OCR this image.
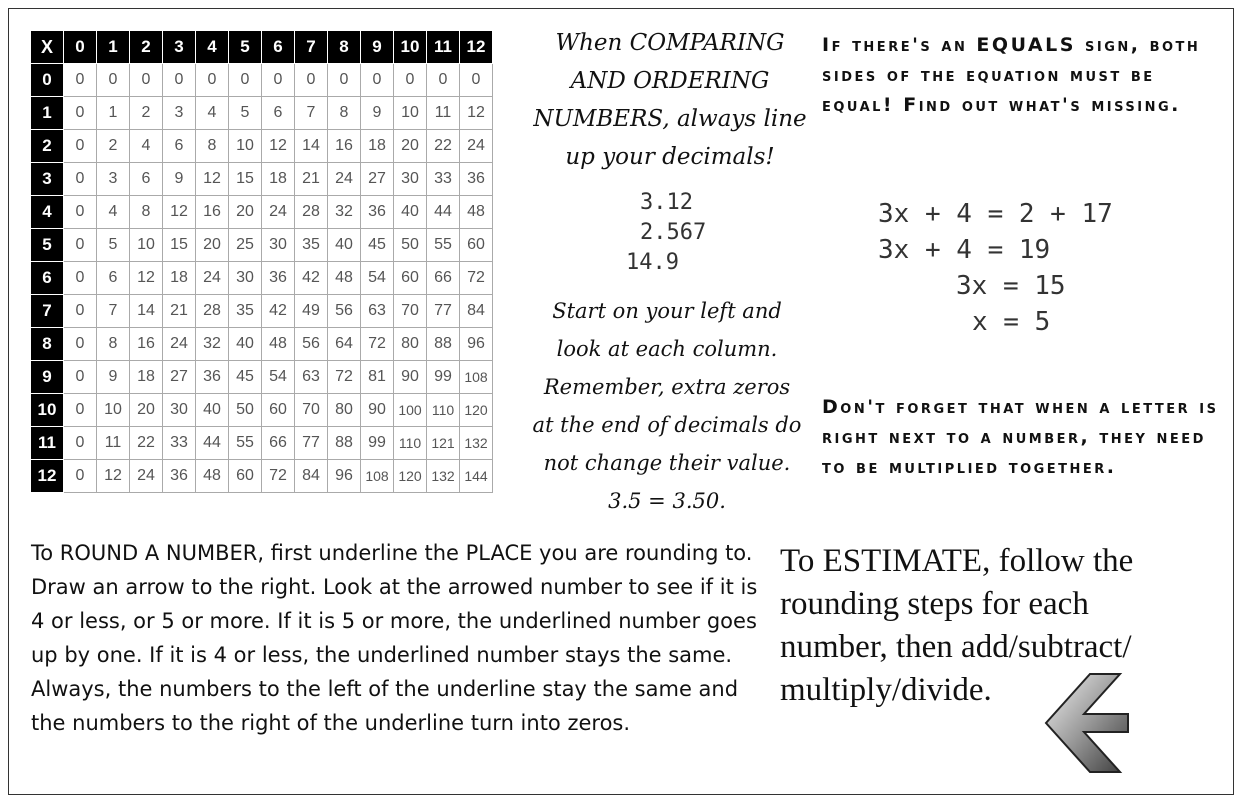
X	0	1	2	3	4	5	6	7	8	9	10	11	12
0	0	0	0	0	0	0	0	0	0	0	0	0	0
1	0	1	2	3	4	5	6	7	8	9	10	11	12
2	0	2	4	6	8	10	12	14	16	18	20	22	24
3	0	3	6	9	12	15	18	21	24	27	30	33	36
4	0	4	8	12	16	20	24	28	32	36	40	44	48
5	0	5	10	15	20	25	30	35	40	45	50	55	60
6	0	6	12	18	24	30	36	42	48	54	60	66	72
7	0	7	14	21	28	35	42	49	56	63	70	77	84
8	0	8	16	24	32	40	48	56	64	72	80	88	96
9	0	9	18	27	36	45	54	63	72	81	90	99	108
10	0	10	20	30	40	50	60	70	80	90	100	110	120
11	0	11	22	33	44	55	66	77	88	99	110	121	132
12	0	12	24	36	48	60	72	84	96	108	120	132	144
When COMPARING AND ORDERING NUMBERS, always line up your decimals!
3.12
2.567
14.9
Start on your left and look at each column. Remember, extra zeros at the end of decimals do not change their value. 3.5 = 3.50.
If there's an EQUALS sign, both sides of the equation must be equal! Find out what's missing.
3x + 4 = 2 + 17
3x + 4 = 19
3x = 15
x = 5
Don't forget that when a letter is right next to a number, they need to be multiplied together.
To ROUND A NUMBER, first underline the PLACE you are rounding to. Draw an arrow to the right. Look at the arrowed number to see if it is 4 or less, or 5 or more. If it is 5 or more, the underlined number goes up by one. If it is 4 or less, the underlined number stays the same. Always, the numbers to the left of the underline stay the same and the numbers to the right of the underline turn into zeros.
To ESTIMATE, follow the rounding steps for each number, then add/subtract/ multiply/divide.
